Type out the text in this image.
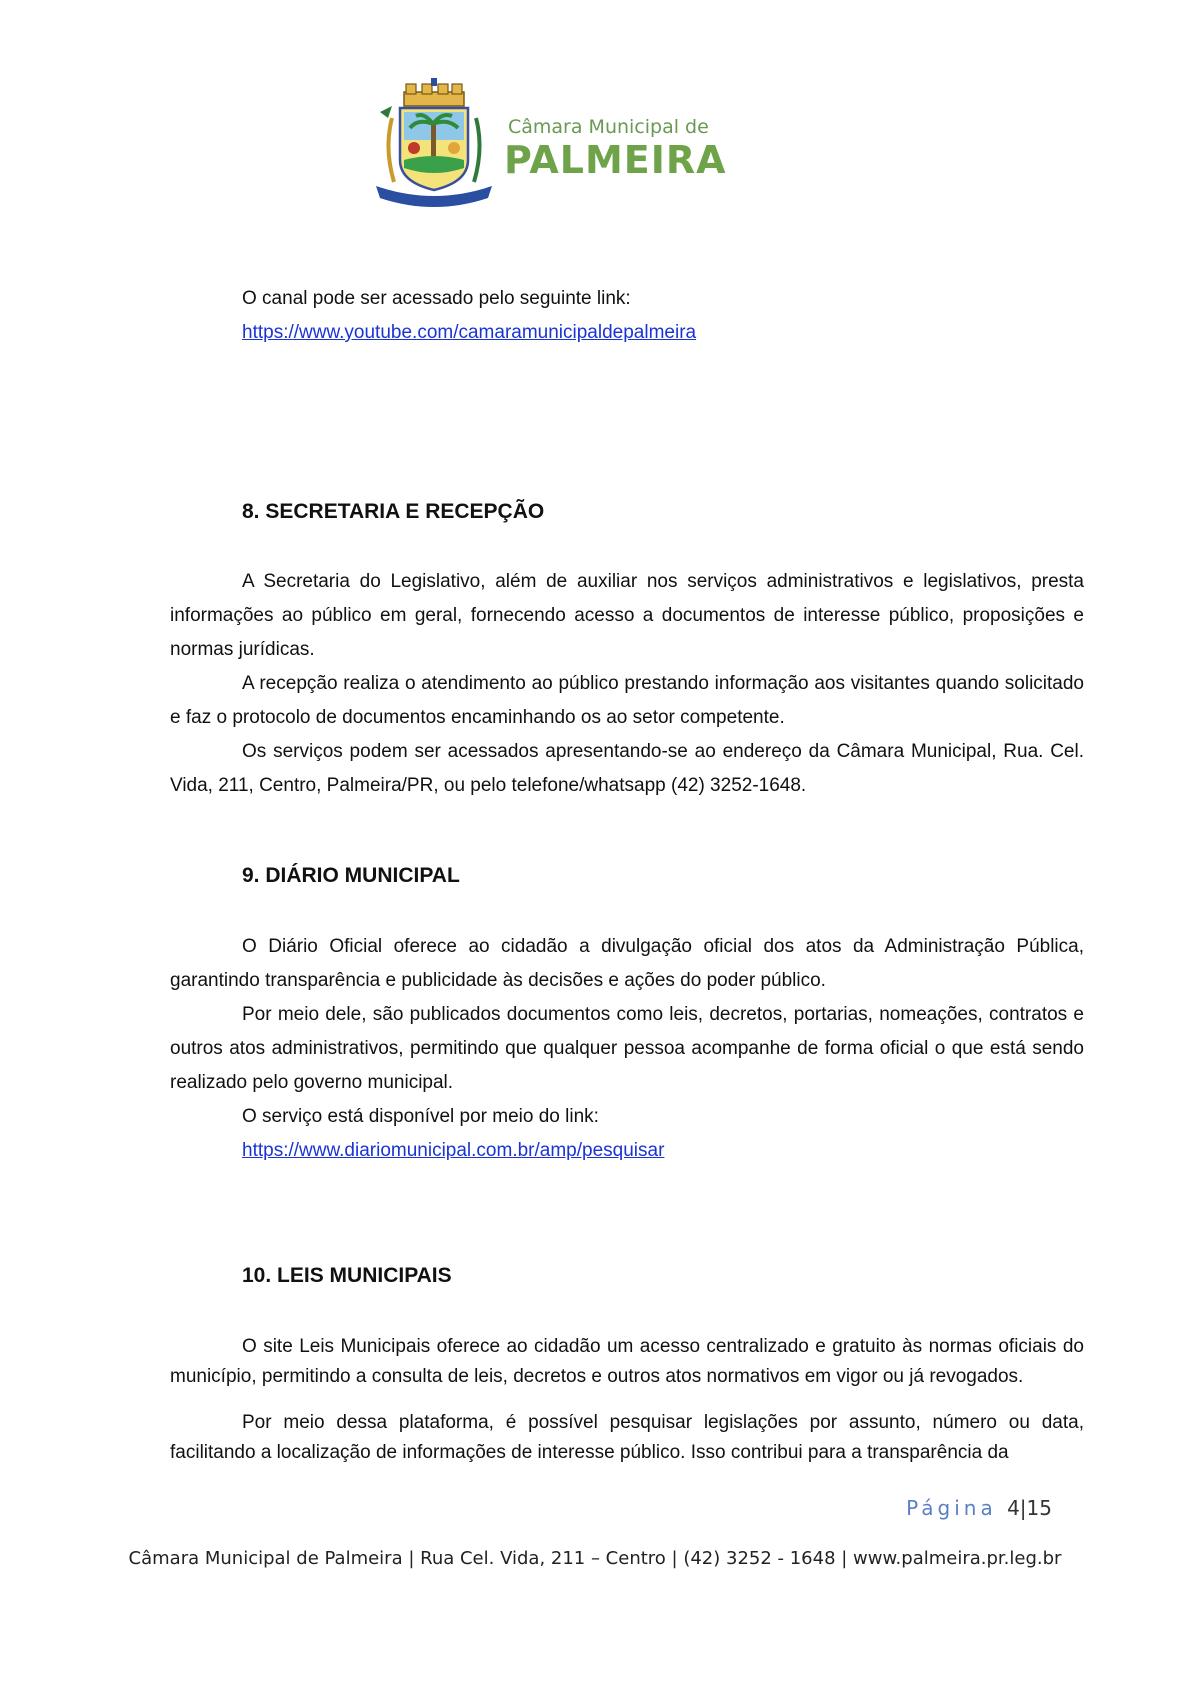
Câmara Municipal de
PALMEIRA

O canal pode ser acessado pelo seguinte link:

https://www.youtube.com/camaramunicipaldepalmeira

8. SECRETARIA E RECEPÇÃO

A Secretaria do Legislativo, além de auxiliar nos serviços administrativos e legislativos, presta informações ao público em geral, fornecendo acesso a documentos de interesse público, proposições e normas jurídicas.

A recepção realiza o atendimento ao público prestando informação aos visitantes quando solicitado e faz o protocolo de documentos encaminhando os ao setor competente.

Os serviços podem ser acessados apresentando-se ao endereço da Câmara Municipal, Rua. Cel. Vida, 211, Centro, Palmeira/PR, ou pelo telefone/whatsapp (42) 3252-1648.

9. DIÁRIO MUNICIPAL

O Diário Oficial oferece ao cidadão a divulgação oficial dos atos da Administração Pública, garantindo transparência e publicidade às decisões e ações do poder público.

Por meio dele, são publicados documentos como leis, decretos, portarias, nomeações, contratos e outros atos administrativos, permitindo que qualquer pessoa acompanhe de forma oficial o que está sendo realizado pelo governo municipal.

O serviço está disponível por meio do link:

https://www.diariomunicipal.com.br/amp/pesquisar

10. LEIS MUNICIPAIS

O site Leis Municipais oferece ao cidadão um acesso centralizado e gratuito às normas oficiais do município, permitindo a consulta de leis, decretos e outros atos normativos em vigor ou já revogados.

Por meio dessa plataforma, é possível pesquisar legislações por assunto, número ou data, facilitando a localização de informações de interesse público. Isso contribui para a transparência da

Página 4|15
Câmara Municipal de Palmeira | Rua Cel. Vida, 211 – Centro | (42) 3252 - 1648 | www.palmeira.pr.leg.br
